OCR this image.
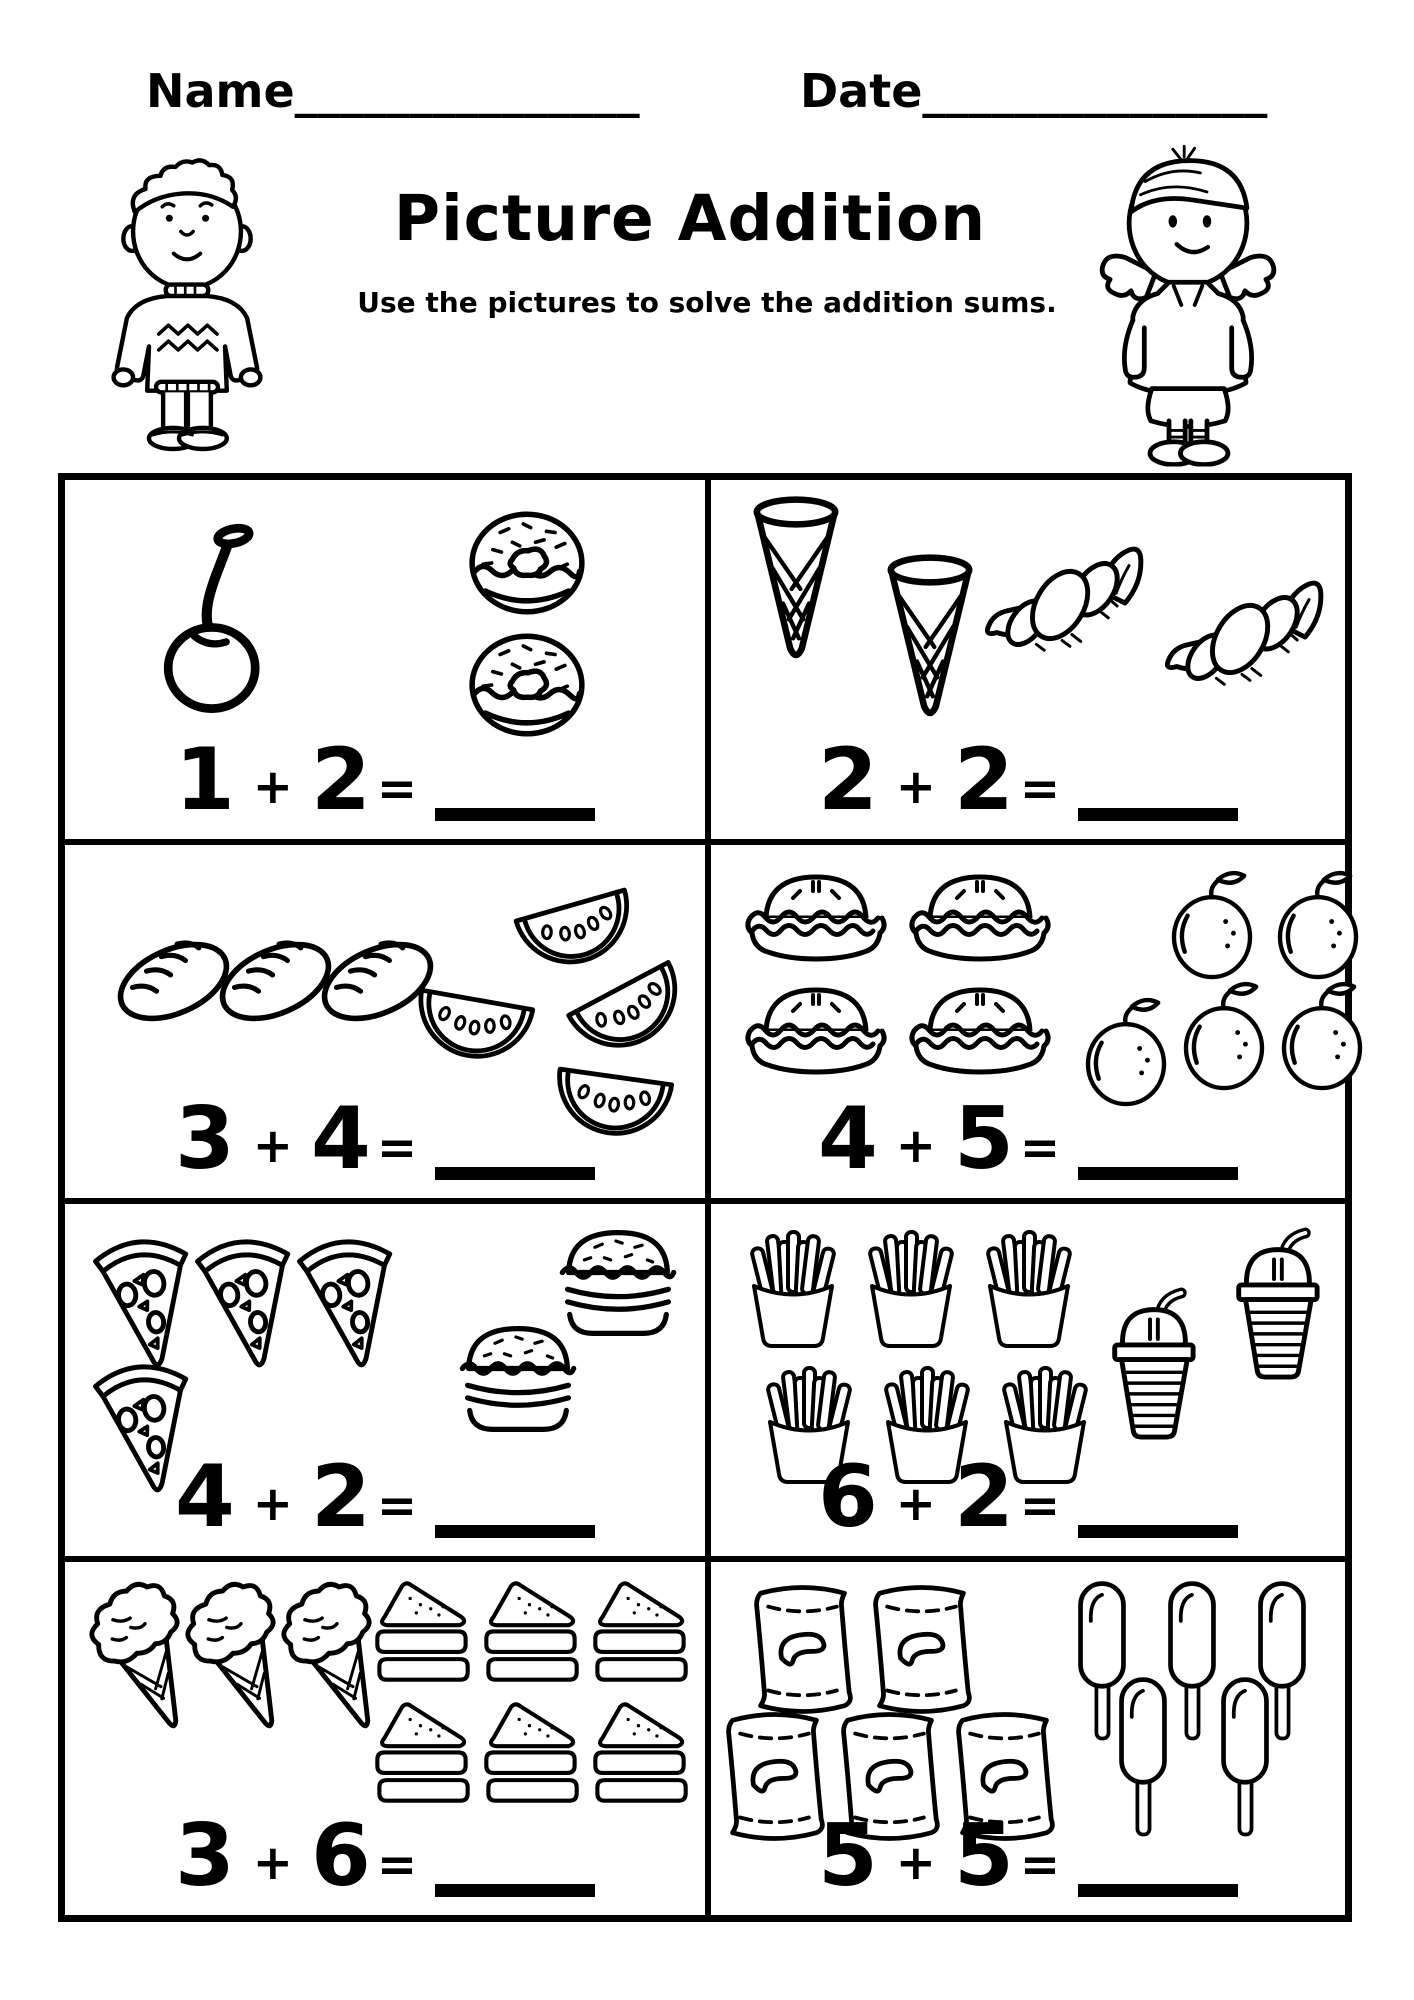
Name_______________	Date_______________
Picture Addition
Use the pictures to solve the addition sums.
1 + 2 =	2 + 2 =
3 + 4 =	4 + 5 =
4 + 2 =	6 + 2 =
3 + 6 =	5 + 5 =
